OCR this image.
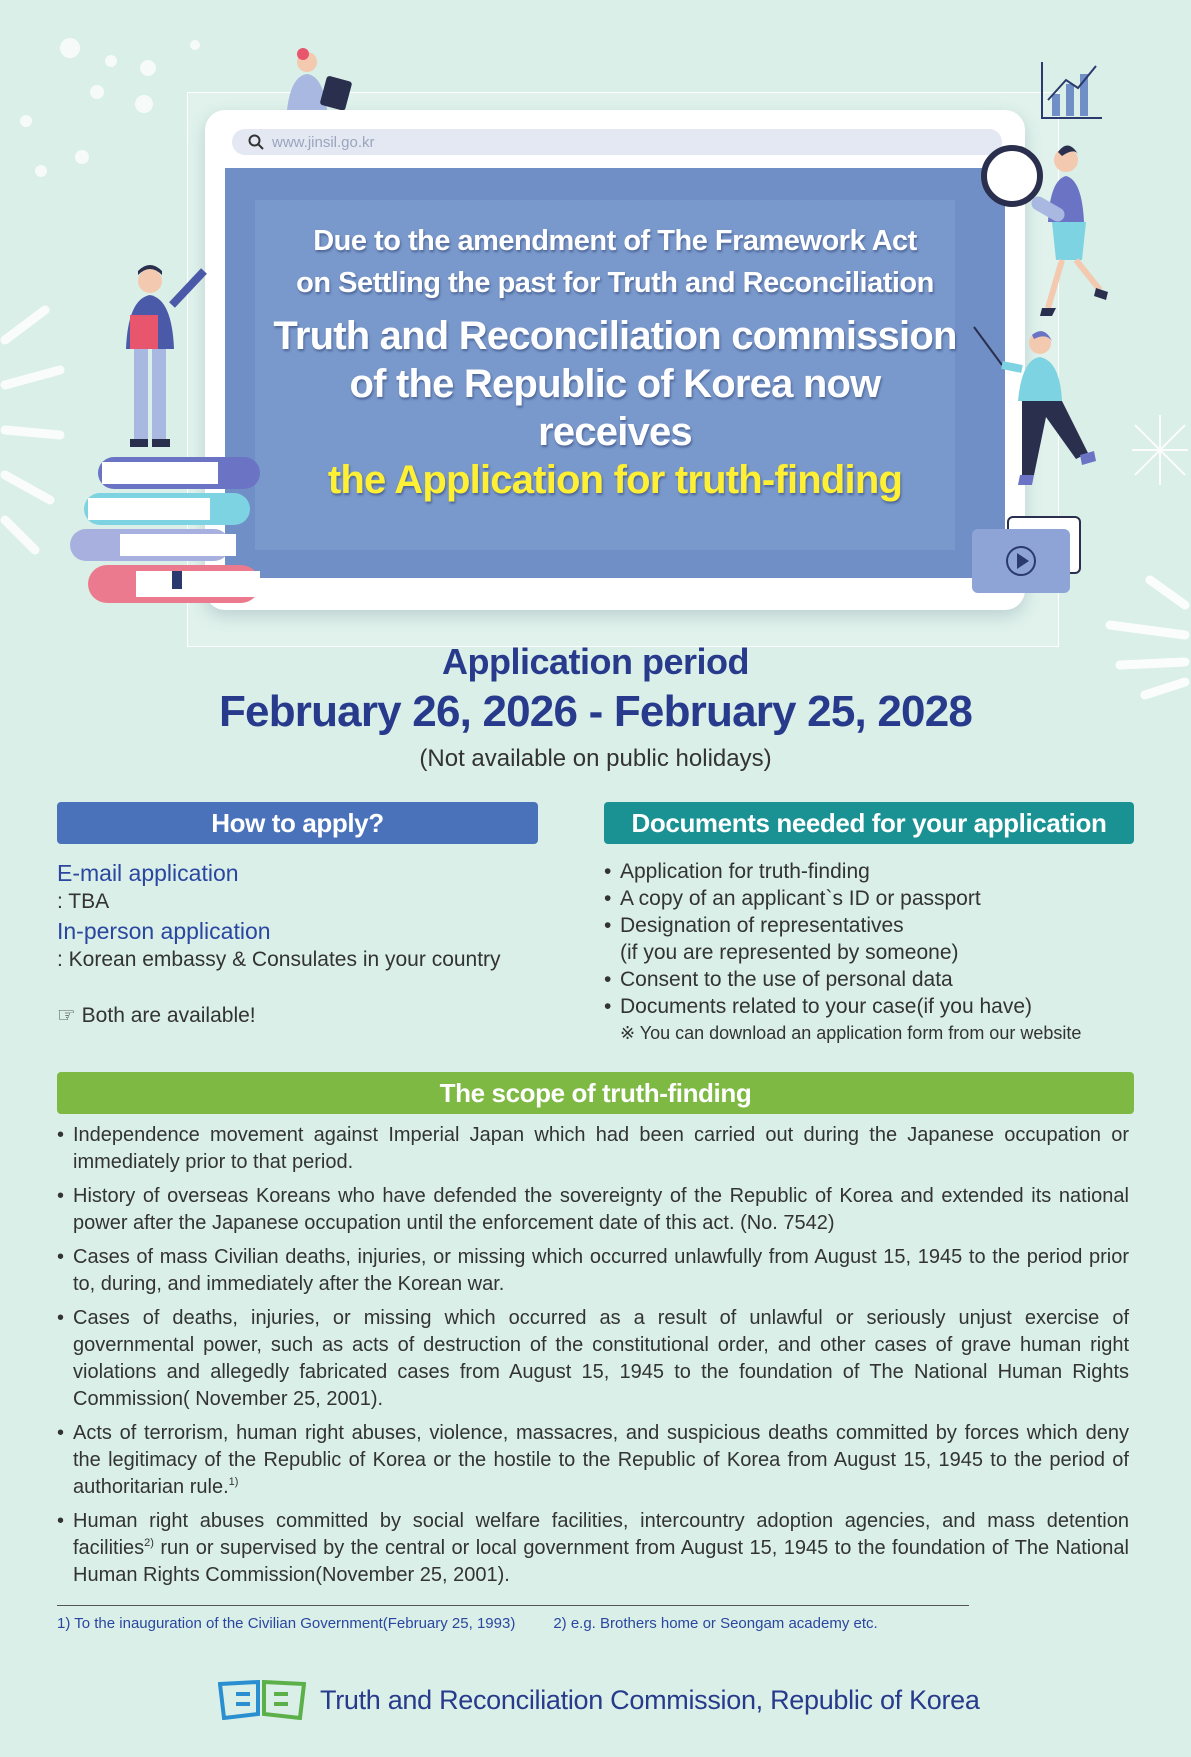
www.jinsil.go.kr
Due to the amendment of The Framework Act
on Settling the past for Truth and Reconciliation
Truth and Reconciliation commission
of the Republic of Korea now
receives
the Application for truth-finding
Application period
February 26, 2026 - February 25, 2028
(Not available on public holidays)
How to apply?
E-mail application
: TBA
In-person application
: Korean embassy & Consulates in your country
☞ Both are available!
Documents needed for your application
• Application for truth-finding
• A copy of an applicant`s ID or passport
• Designation of representatives
(if you are represented by someone)
• Consent to the use of personal data
• Documents related to your case(if you have)
※ You can download an application form from our website
The scope of truth-finding
• Independence movement against Imperial Japan which had been carried out during the Japanese occupation or immediately prior to that period.
• History of overseas Koreans who have defended the sovereignty of the Republic of Korea and extended its national power after the Japanese occupation until the enforcement date of this act. (No. 7542)
• Cases of mass Civilian deaths, injuries, or missing which occurred unlawfully from August 15, 1945 to the period prior to, during, and immediately after the Korean war.
• Cases of deaths, injuries, or missing which occurred as a result of unlawful or seriously unjust exercise of governmental power, such as acts of destruction of the constitutional order, and other cases of grave human right violations and allegedly fabricated cases from August 15, 1945 to the foundation of The National Human Rights Commission( November 25, 2001).
• Acts of terrorism, human right abuses, violence, massacres, and suspicious deaths committed by forces which deny the legitimacy of the Republic of Korea or the hostile to the Republic of Korea from August 15, 1945 to the period of authoritarian rule.$^{1)}$
• Human right abuses committed by social welfare facilities, intercountry adoption agencies, and mass detention facilities$^{2)}$ run or supervised by the central or local government from August 15, 1945 to the foundation of The National Human Rights Commission(November 25, 2001).
1) To the inauguration of the Civilian Government(February 25, 1993)	2) e.g. Brothers home or Seongam academy etc.
Truth and Reconciliation Commission, Republic of Korea
